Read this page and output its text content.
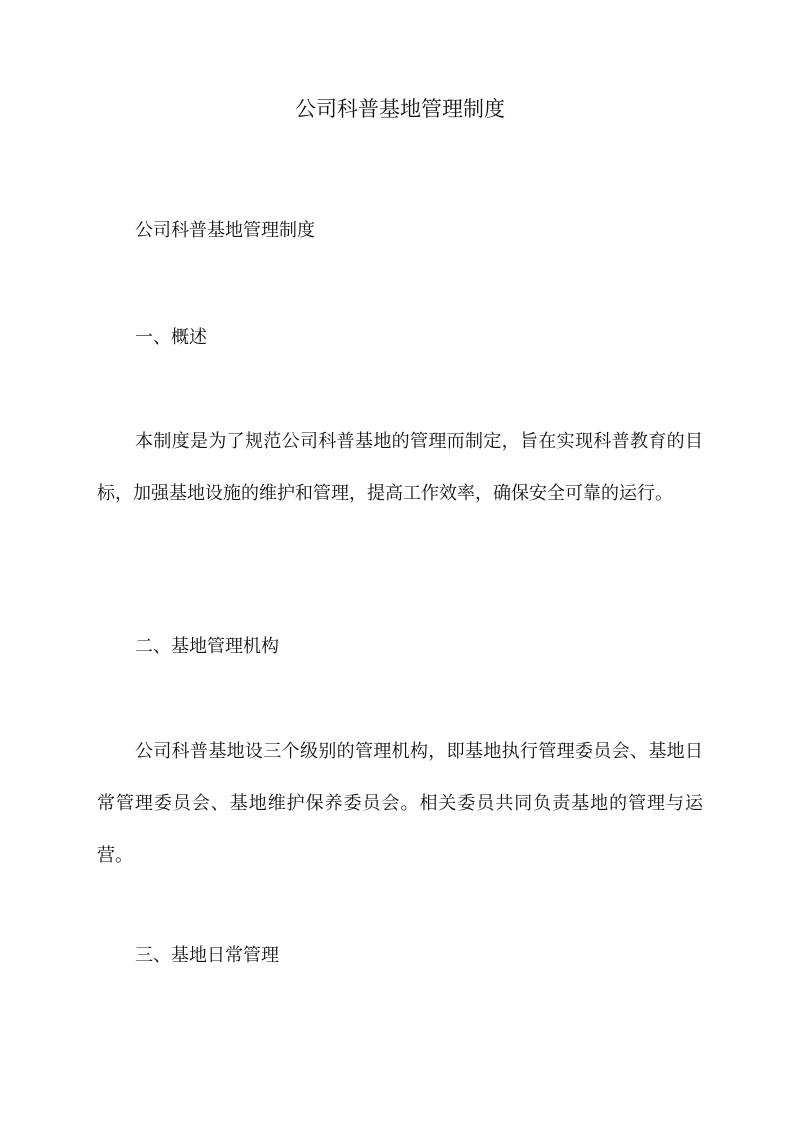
公司科普基地管理制度

公司科普基地管理制度

一、概述

本制度是为了规范公司科普基地的管理而制定，旨在实现科普教育的目标，加强基地设施的维护和管理，提高工作效率，确保安全可靠的运行。

二、基地管理机构

公司科普基地设三个级别的管理机构，即基地执行管理委员会、基地日常管理委员会、基地维护保养委员会。相关委员共同负责基地的管理与运营。

三、基地日常管理
